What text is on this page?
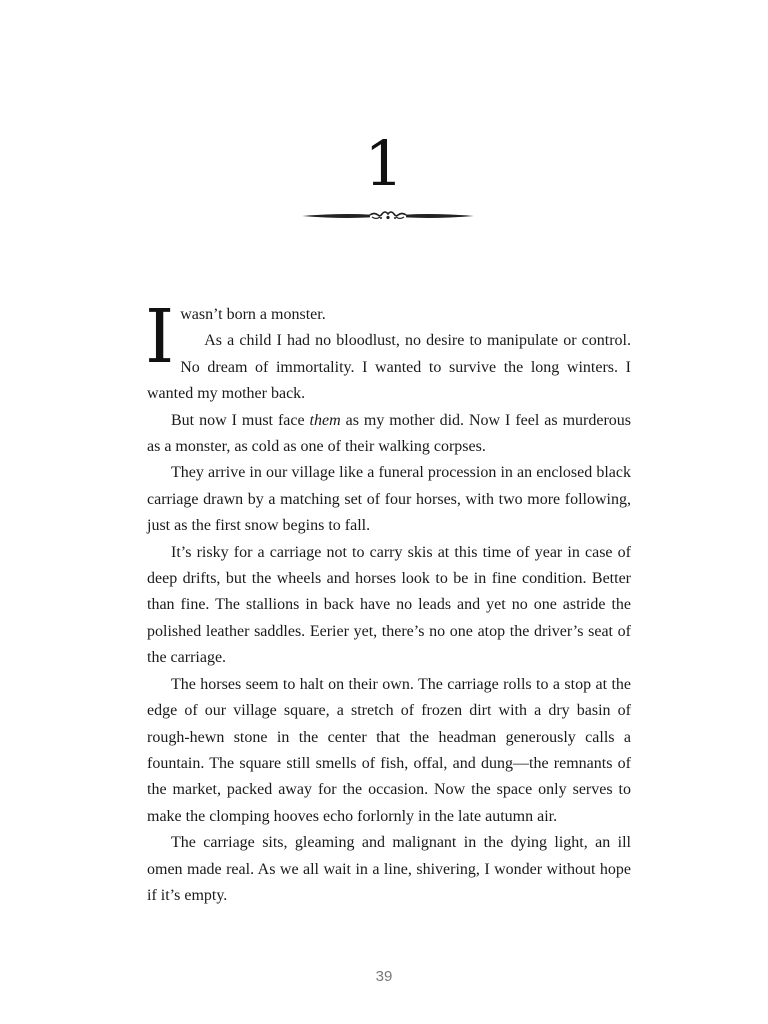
1

I wasn’t born a monster.

As a child I had no bloodlust, no desire to manipulate or control. No dream of immortality. I wanted to survive the long winters. I wanted my mother back.

But now I must face them as my mother did. Now I feel as murderous as a monster, as cold as one of their walking corpses.

They arrive in our village like a funeral procession in an enclosed black carriage drawn by a matching set of four horses, with two more following, just as the first snow begins to fall.

It’s risky for a carriage not to carry skis at this time of year in case of deep drifts, but the wheels and horses look to be in fine condition. Better than fine. The stallions in back have no leads and yet no one astride the polished leather saddles. Eerier yet, there’s no one atop the driver’s seat of the carriage.

The horses seem to halt on their own. The carriage rolls to a stop at the edge of our village square, a stretch of frozen dirt with a dry basin of rough-hewn stone in the center that the headman generously calls a fountain. The square still smells of fish, offal, and dung—the remnants of the market, packed away for the occasion. Now the space only serves to make the clomping hooves echo forlornly in the late autumn air.

The carriage sits, gleaming and malignant in the dying light, an ill omen made real. As we all wait in a line, shivering, I wonder without hope if it’s empty.

39
